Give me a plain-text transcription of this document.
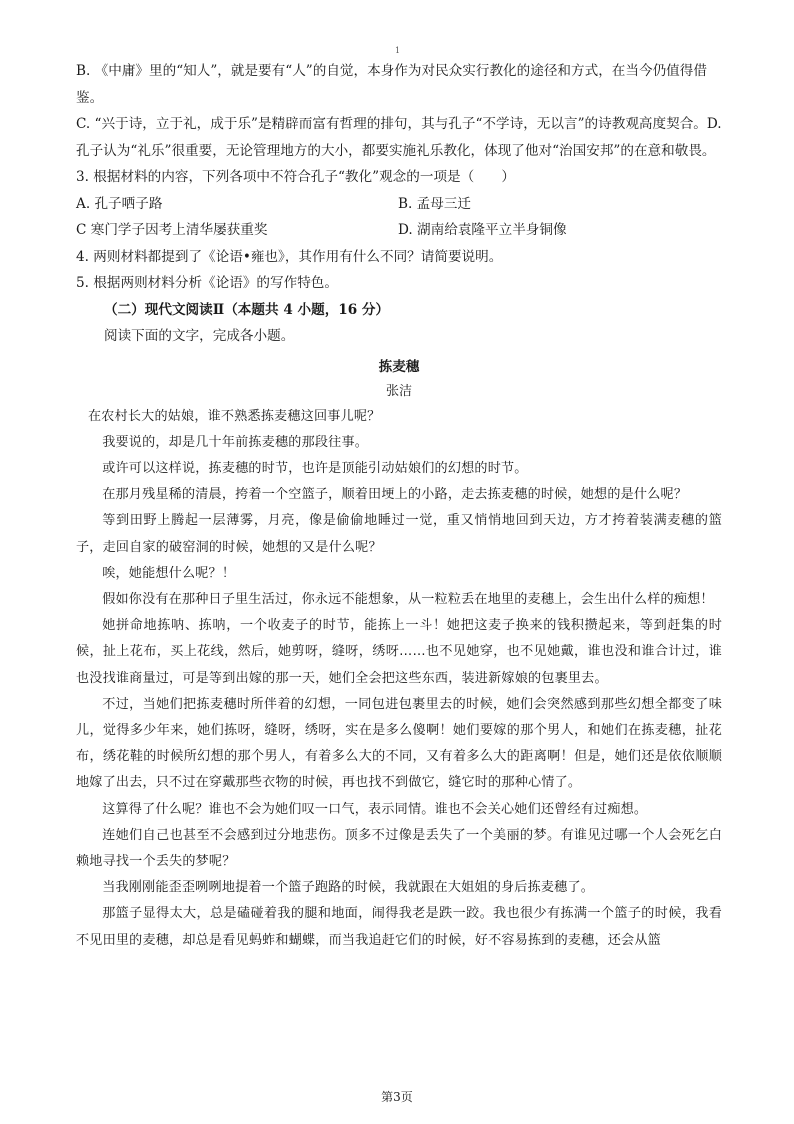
1

B. 《中庸》里的“知人”，就是要有“人”的自觉，本身作为对民众实行教化的途径和方式，在当今仍值得借鉴。

C. “兴于诗，立于礼，成于乐”是精辟而富有哲理的排句，其与孔子“不学诗，无以言”的诗教观高度契合。D. 孔子认为“礼乐”很重要，无论管理地方的大小，都要实施礼乐教化，体现了他对“治国安邦”的在意和敬畏。

3. 根据材料的内容，下列各项中不符合孔子“教化”观念的一项是（　　）

A. 孔子哂子路	B. 孟母三迁
C 寒门学子因考上清华屡获重奖	D. 湖南给袁隆平立半身铜像

4. 两则材料都提到了《论语•雍也》，其作用有什么不同？请简要说明。

5. 根据两则材料分析《论语》的写作特色。

（二）现代文阅读Ⅱ（本题共 4 小题，16 分）

阅读下面的文字，完成各小题。

拣麦穗

张洁

在农村长大的姑娘，谁不熟悉拣麦穗这回事儿呢？

我要说的，却是几十年前拣麦穗的那段往事。

或许可以这样说，拣麦穗的时节，也许是顶能引动姑娘们的幻想的时节。

在那月残星稀的清晨，挎着一个空篮子，顺着田埂上的小路，走去拣麦穗的时候，她想的是什么呢？

等到田野上腾起一层薄雾，月亮，像是偷偷地睡过一觉，重又悄悄地回到天边，方才挎着装满麦穗的篮子，走回自家的破窑洞的时候，她想的又是什么呢？

唉，她能想什么呢？！

假如你没有在那种日子里生活过，你永远不能想象，从一粒粒丢在地里的麦穗上，会生出什么样的痴想！

她拼命地拣呐、拣呐，一个收麦子的时节，能拣上一斗！她把这麦子换来的钱积攒起来，等到赶集的时候，扯上花布，买上花线，然后，她剪呀，缝呀，绣呀……也不见她穿，也不见她戴，谁也没和谁合计过，谁也没找谁商量过，可是等到出嫁的那一天，她们全会把这些东西，装进新嫁娘的包裹里去。

不过，当她们把拣麦穗时所伴着的幻想，一同包进包裹里去的时候，她们会突然感到那些幻想全都变了味儿，觉得多少年来，她们拣呀，缝呀，绣呀，实在是多么傻啊！她们要嫁的那个男人，和她们在拣麦穗，扯花布，绣花鞋的时候所幻想的那个男人，有着多么大的不同，又有着多么大的距离啊！但是，她们还是依依顺顺地嫁了出去，只不过在穿戴那些衣物的时候，再也找不到做它，缝它时的那种心情了。

这算得了什么呢？谁也不会为她们叹一口气，表示同情。谁也不会关心她们还曾经有过痴想。

连她们自己也甚至不会感到过分地悲伤。顶多不过像是丢失了一个美丽的梦。有谁见过哪一个人会死乞白赖地寻找一个丢失的梦呢？

当我刚刚能歪歪咧咧地提着一个篮子跑路的时候，我就跟在大姐姐的身后拣麦穗了。

那篮子显得太大，总是磕碰着我的腿和地面，闹得我老是跌一跤。我也很少有拣满一个篮子的时候，我看不见田里的麦穗，却总是看见蚂蚱和蝴蝶，而当我追赶它们的时候，好不容易拣到的麦穗，还会从篮

第3页
